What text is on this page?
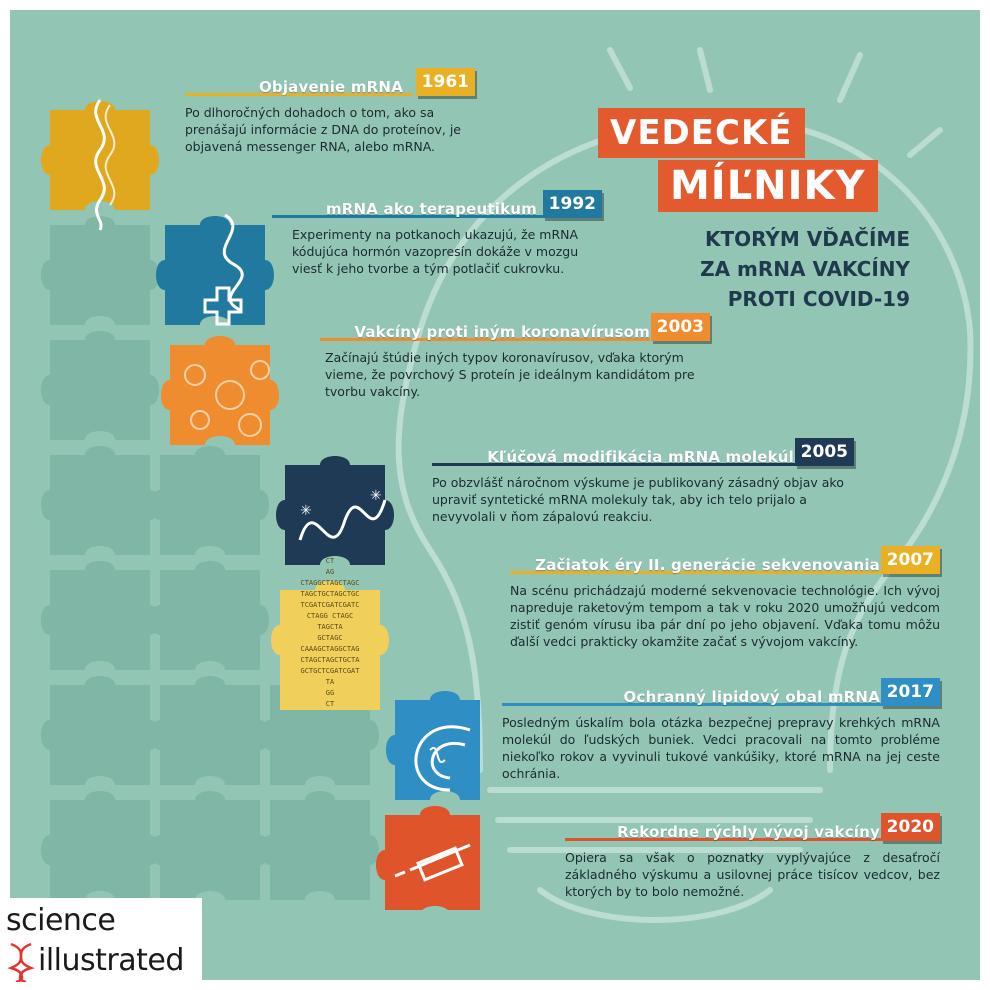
✳
✳
CT
AG
CTAGGCTAGCTAGC
TAGCTGCTAGCTGC
TCGATCGATCGATC
CTAGG CTAGC
TAGCTA
GCTAGC
CAAAGCTAGGCTAG
CTAGCTAGCTGCTA
GCTGCTCGATCGAT
TA
GG
CT
VEDECKÉ
MÍĽNIKY
KTORÝM VĎAČÍME
ZA mRNA VAKCÍNY
PROTI COVID-19
Objavenie mRNA	1961

Po dlhoročných dohadoch o tom, ako sa prenášajú informácie z DNA do proteínov, je objavená messenger RNA, alebo mRNA.

mRNA ako terapeutikum 1992

Experimenty na potkanoch ukazujú, že mRNA kódujúca hormón vazopresín dokáže v mozgu viesť k jeho tvorbe a tým potlačiť cukrovku.

Vakcíny proti iným koronavírusom 2003

Začínajú štúdie iných typov koronavírusov, vďaka ktorým vieme, že povrchový S proteín je ideálnym kandidátom pre tvorbu vakcíny.

Kľúčová modifikácia mRNA molekúl 2005

Po obzvlášť náročnom výskume je publikovaný zásadný objav ako upraviť syntetické mRNA molekuly tak, aby ich telo prijalo a nevyvolali v ňom zápalovú reakciu.

Začiatok éry II. generácie sekvenovania 2007

Na scénu prichádzajú moderné sekvenovacie technológie. Ich vývoj napreduje raketovým tempom a tak v roku 2020 umožňujú vedcom zistiť genóm vírusu iba pár dní po jeho objavení. Vďaka tomu môžu ďalší vedci prakticky okamžite začať s vývojom vakcíny.

Ochranný lipidový obal mRNA 2017

Posledným úskalím bola otázka bezpečnej prepravy krehkých mRNA molekúl do ľudských buniek. Vedci pracovali na tomto probléme niekoľko rokov a vyvinuli tukové vankúšiky, ktoré mRNA na jej ceste ochránia.

Rekordne rýchly vývoj vakcíny 2020

Opiera sa však o poznatky vyplývajúce z desaťročí základného výskumu a usilovnej práce tisícov vedcov, bez ktorých by to bolo nemožné.

science
illustrated
